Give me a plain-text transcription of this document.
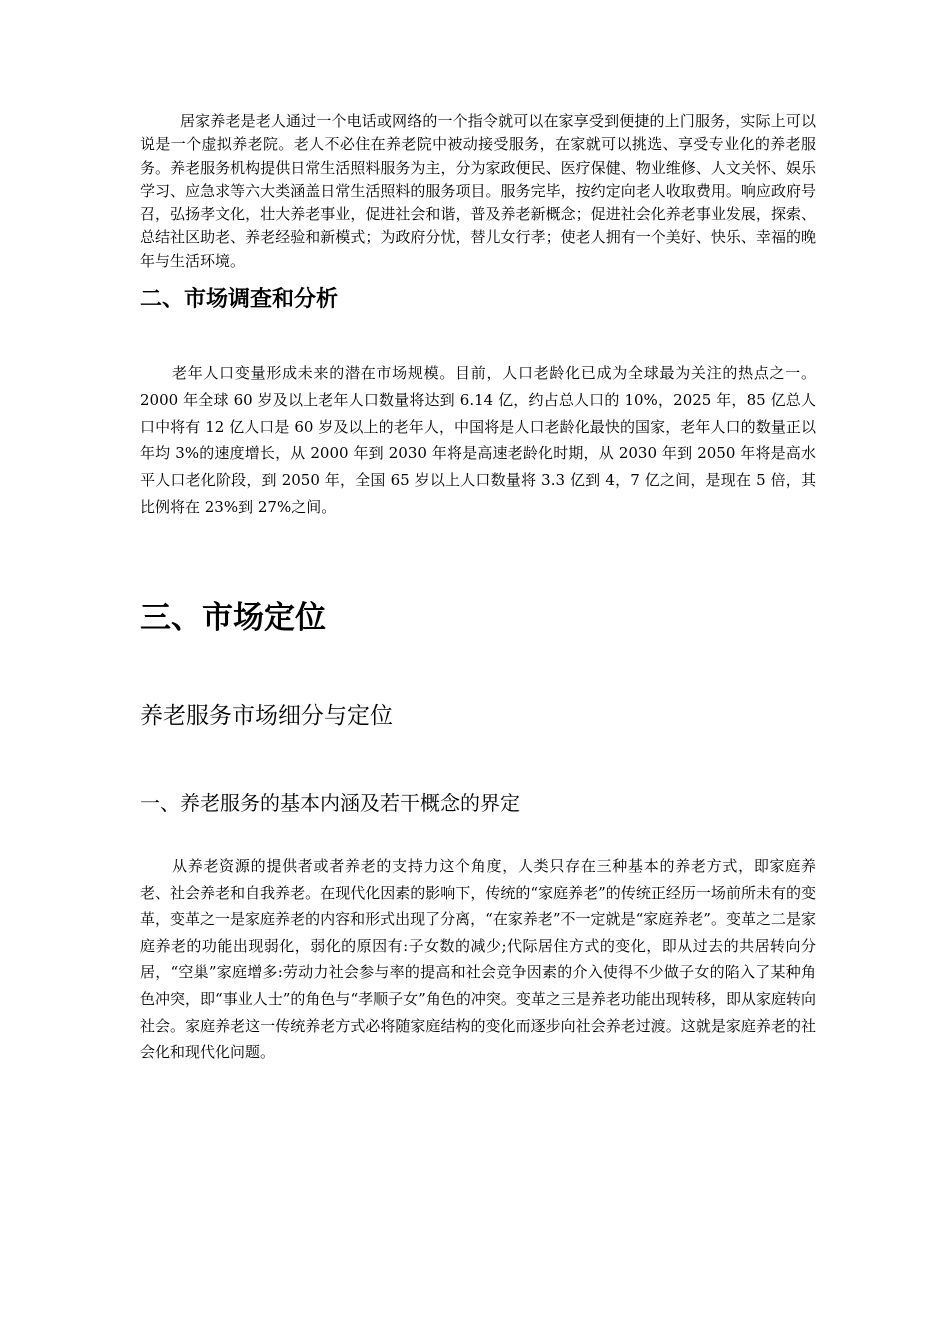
居家养老是老人通过一个电话或网络的一个指令就可以在家享受到便捷的上门服务，实际上可以说是一个虚拟养老院。老人不必住在养老院中被动接受服务，在家就可以挑选、享受专业化的养老服务。养老服务机构提供日常生活照料服务为主，分为家政便民、医疗保健、物业维修、人文关怀、娱乐学习、应急求等六大类涵盖日常生活照料的服务项目。服务完毕，按约定向老人收取费用。响应政府号召，弘扬孝文化，壮大养老事业，促进社会和谐，普及养老新概念；促进社会化养老事业发展，探索、总结社区助老、养老经验和新模式；为政府分忧，替儿女行孝；使老人拥有一个美好、快乐、幸福的晚年与生活环境。

二、市场调查和分析

老年人口变量形成未来的潜在市场规模。目前，人口老龄化已成为全球最为关注的热点之一。2000 年全球 60 岁及以上老年人口数量将达到 6.14 亿，约占总人口的 10%，2025 年，85 亿总人口中将有 12 亿人口是 60 岁及以上的老年人，中国将是人口老龄化最快的国家，老年人口的数量正以年均 3%的速度增长，从 2000 年到 2030 年将是高速老龄化时期，从 2030 年到 2050 年将是高水平人口老化阶段，到 2050 年，全国 65 岁以上人口数量将 3.3 亿到 4，7 亿之间，是现在 5 倍，其比例将在 23%到 27%之间。

三、市场定位
养老服务市场细分与定位
一、养老服务的基本内涵及若干概念的界定

从养老资源的提供者或者养老的支持力这个角度，人类只存在三种基本的养老方式，即家庭养老、社会养老和自我养老。在现代化因素的影响下，传统的“家庭养老”的传统正经历一场前所未有的变革，变革之一是家庭养老的内容和形式出现了分离，“在家养老”不一定就是“家庭养老”。变革之二是家庭养老的功能出现弱化，弱化的原因有:子女数的减少;代际居住方式的变化，即从过去的共居转向分居，“空巢”家庭增多:劳动力社会参与率的提高和社会竞争因素的介入使得不少做子女的陷入了某种角色冲突，即“事业人士”的角色与“孝顺子女”角色的冲突。变革之三是养老功能出现转移，即从家庭转向社会。家庭养老这一传统养老方式必将随家庭结构的变化而逐步向社会养老过渡。这就是家庭养老的社会化和现代化问题。
